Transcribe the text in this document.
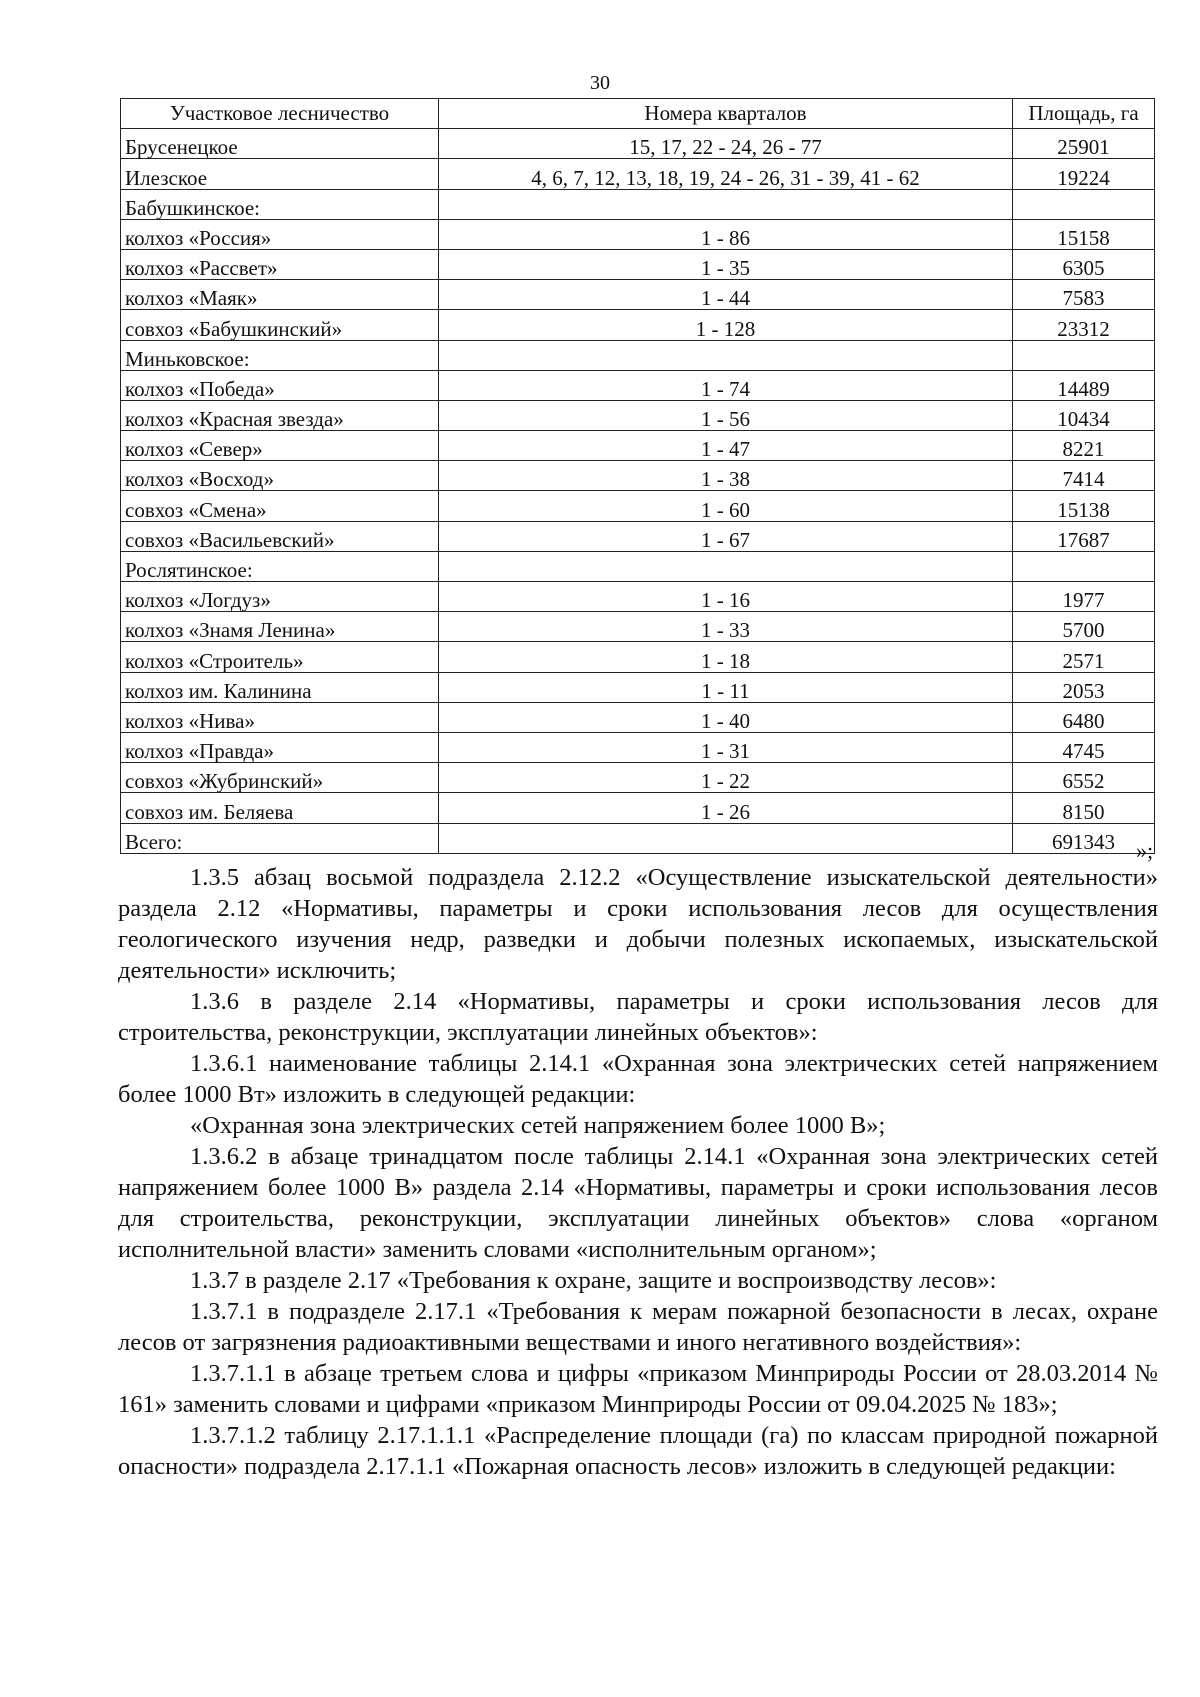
30
Участковое лесничество	Номера кварталов	Площадь, га
Брусенецкое	15, 17, 22 - 24, 26 - 77	25901
Илезское	4, 6, 7, 12, 13, 18, 19, 24 - 26, 31 - 39, 41 - 62	19224
Бабушкинское:		
колхоз «Россия»	1 - 86	15158
колхоз «Рассвет»	1 - 35	6305
колхоз «Маяк»	1 - 44	7583
совхоз «Бабушкинский»	1 - 128	23312
Миньковское:		
колхоз «Победа»	1 - 74	14489
колхоз «Красная звезда»	1 - 56	10434
колхоз «Север»	1 - 47	8221
колхоз «Восход»	1 - 38	7414
совхоз «Смена»	1 - 60	15138
совхоз «Васильевский»	1 - 67	17687
Рослятинское:		
колхоз «Логдуз»	1 - 16	1977
колхоз «Знамя Ленина»	1 - 33	5700
колхоз «Строитель»	1 - 18	2571
колхоз им. Калинина	1 - 11	2053
колхоз «Нива»	1 - 40	6480
колхоз «Правда»	1 - 31	4745
совхоз «Жубринский»	1 - 22	6552
совхоз им. Беляева	1 - 26	8150
Всего:		691343 »;

1.3.5 абзац восьмой подраздела 2.12.2 «Осуществление изыскательской деятельности» раздела 2.12 «Нормативы, параметры и сроки использования лесов для осуществления геологического изучения недр, разведки и добычи полезных ископаемых, изыскательской деятельности» исключить;

1.3.6 в разделе 2.14 «Нормативы, параметры и сроки использования лесов для строительства, реконструкции, эксплуатации линейных объектов»:

1.3.6.1 наименование таблицы 2.14.1 «Охранная зона электрических сетей напряжением более 1000 Вт» изложить в следующей редакции:

«Охранная зона электрических сетей напряжением более 1000 В»;

1.3.6.2 в абзаце тринадцатом после таблицы 2.14.1 «Охранная зона электрических сетей напряжением более 1000 В» раздела 2.14 «Нормативы, параметры и сроки использования лесов для строительства, реконструкции, эксплуатации линейных объектов» слова «органом исполнительной власти» заменить словами «исполнительным органом»;

1.3.7 в разделе 2.17 «Требования к охране, защите и воспроизводству лесов»:

1.3.7.1 в подразделе 2.17.1 «Требования к мерам пожарной безопасности в лесах, охране лесов от загрязнения радиоактивными веществами и иного негативного воздействия»:

1.3.7.1.1 в абзаце третьем слова и цифры «приказом Минприроды России от 28.03.2014 № 161» заменить словами и цифрами «приказом Минприроды России от 09.04.2025 № 183»;

1.3.7.1.2 таблицу 2.17.1.1.1 «Распределение площади (га) по классам природной пожарной опасности» подраздела 2.17.1.1 «Пожарная опасность лесов» изложить в следующей редакции:
